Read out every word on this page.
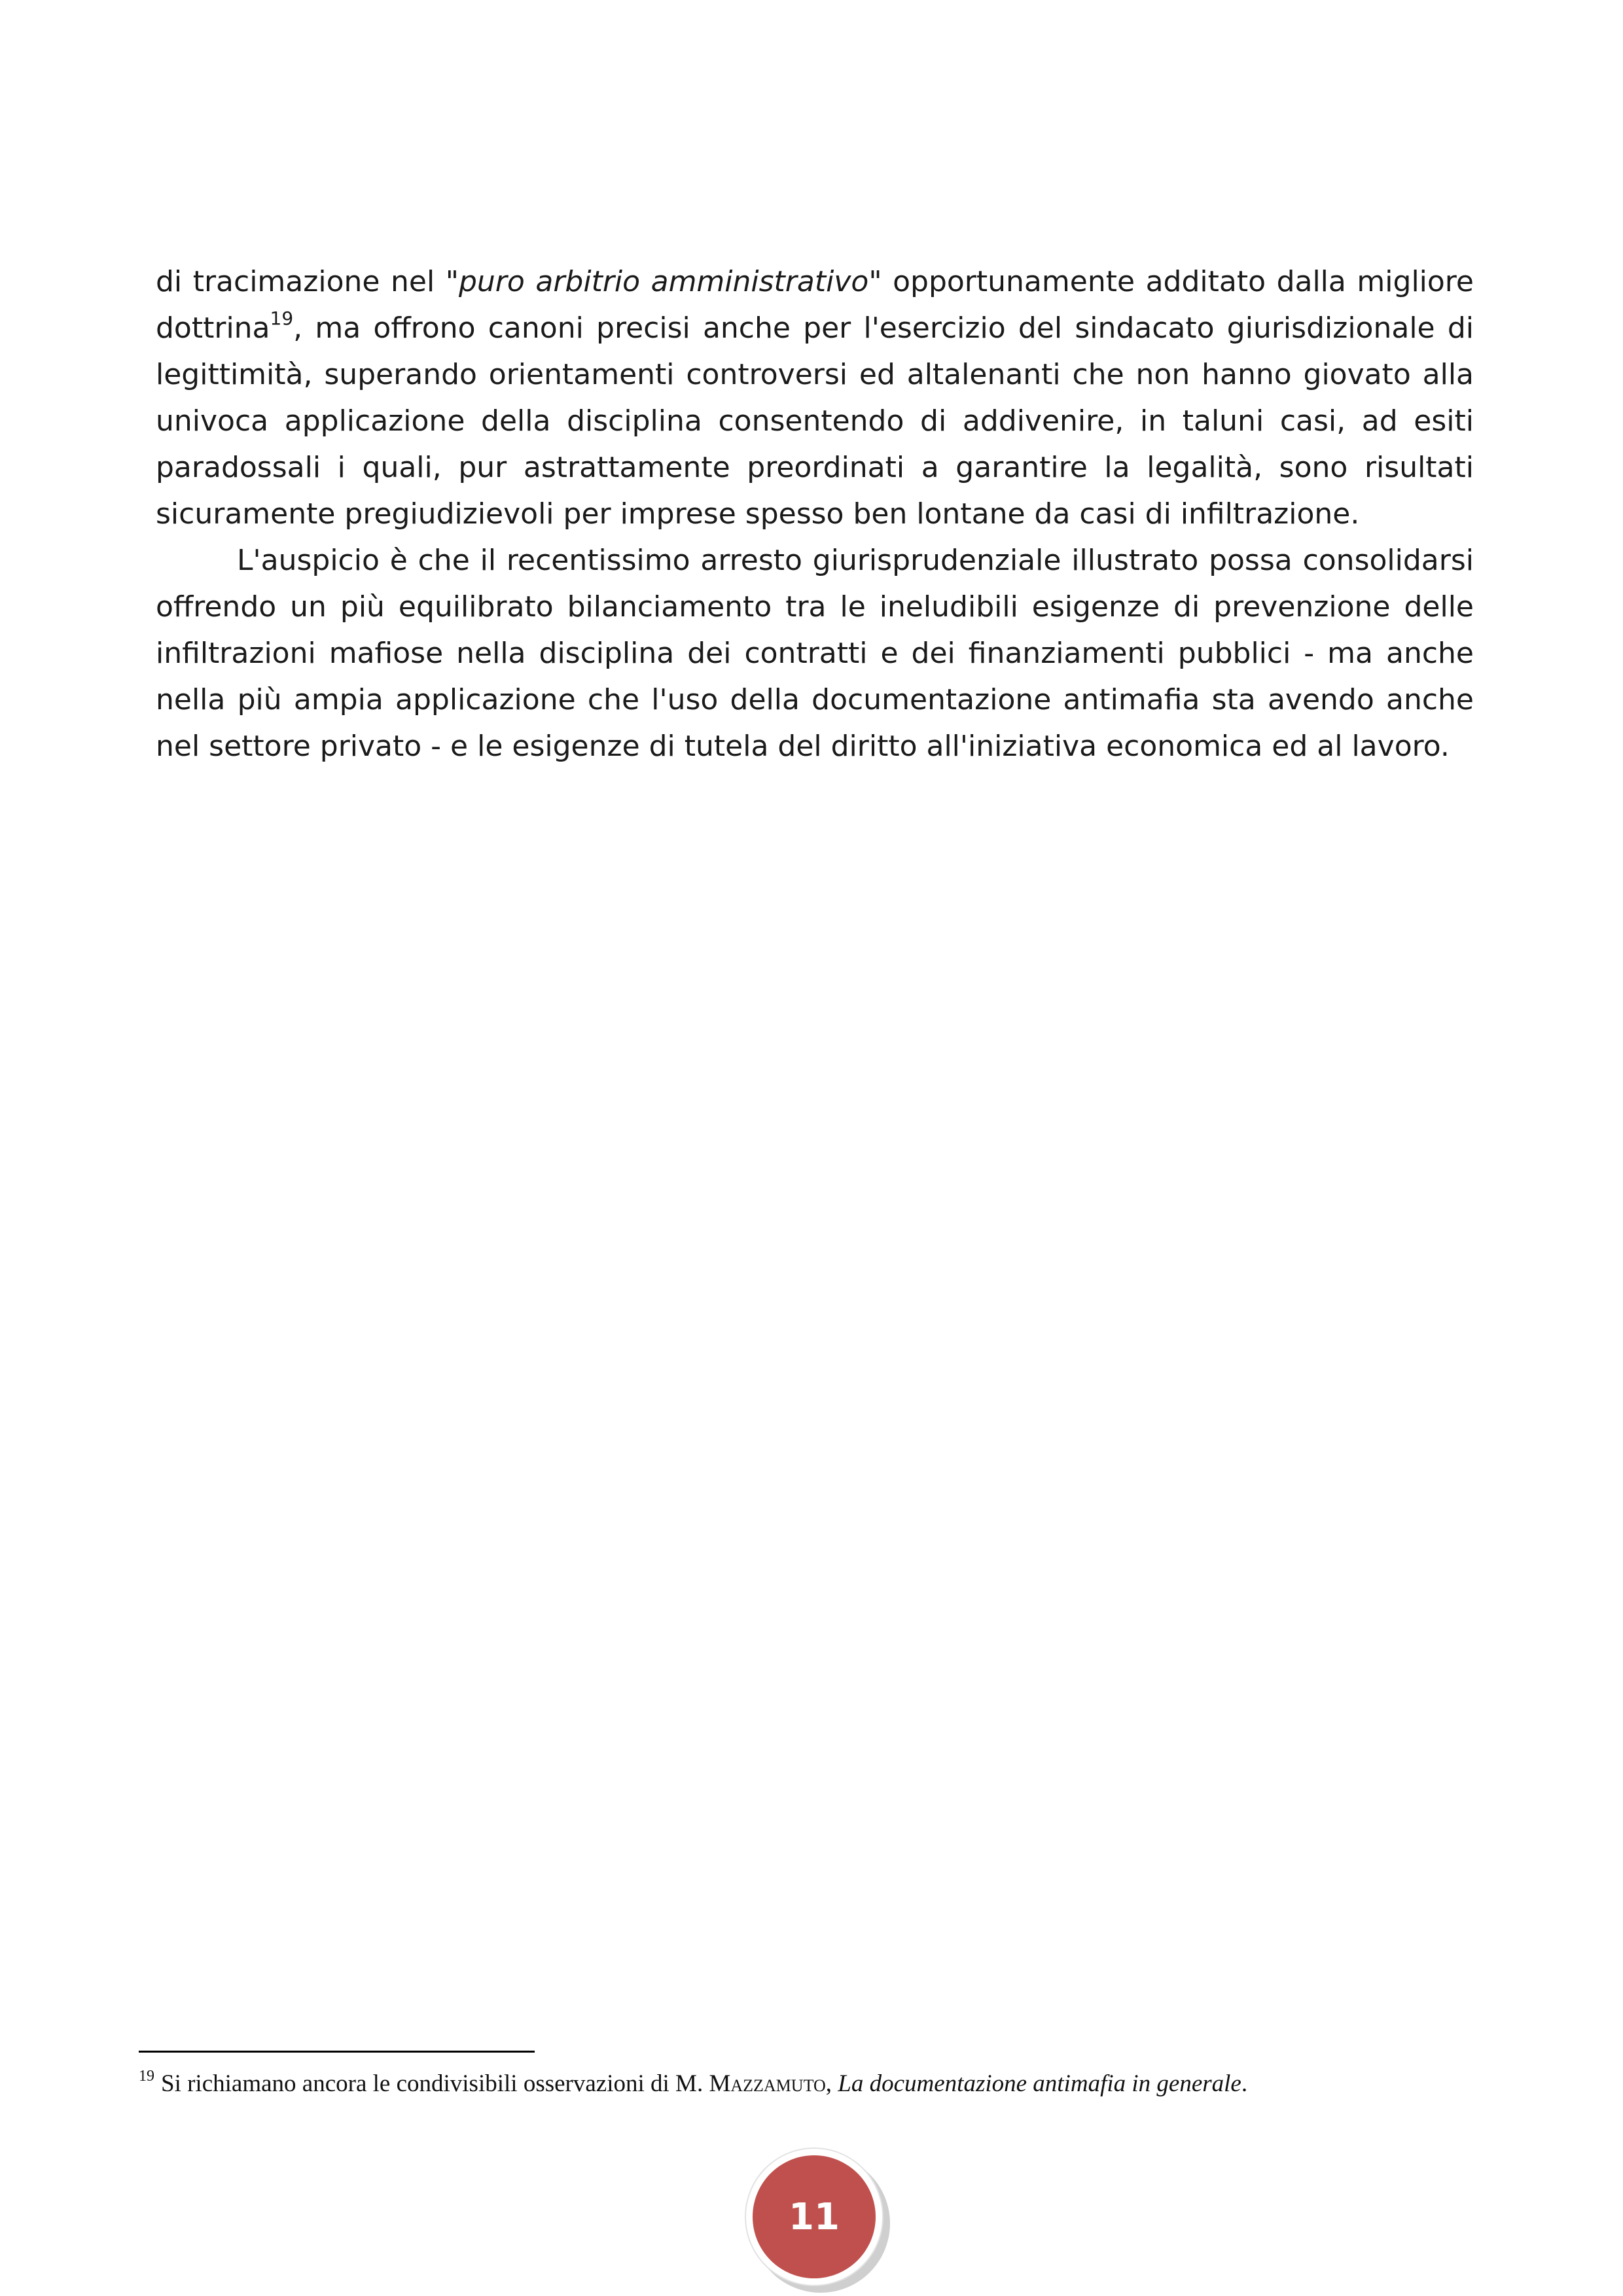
di tracimazione nel "puro arbitrio amministrativo" opportunamente additato dalla migliore dottrina$^{19}$, ma offrono canoni precisi anche per l'esercizio del sindacato giurisdizionale di legittimità, superando orientamenti controversi ed altalenanti che non hanno giovato alla univoca applicazione della disciplina consentendo di addivenire, in taluni casi, ad esiti paradossali i quali, pur astrattamente preordinati a garantire la legalità, sono risultati sicuramente pregiudizievoli per imprese spesso ben lontane da casi di infiltrazione.

L'auspicio è che il recentissimo arresto giurisprudenziale illustrato possa consolidarsi offrendo un più equilibrato bilanciamento tra le ineludibili esigenze di prevenzione delle infiltrazioni mafiose nella disciplina dei contratti e dei finanziamenti pubblici - ma anche nella più ampia applicazione che l'uso della documentazione antimafia sta avendo anche nel settore privato - e le esigenze di tutela del diritto all'iniziativa economica ed al lavoro.

$^{19}$ Si richiamano ancora le condivisibili osservazioni di M. Mazzamuto, La documentazione antimafia in generale.
11
